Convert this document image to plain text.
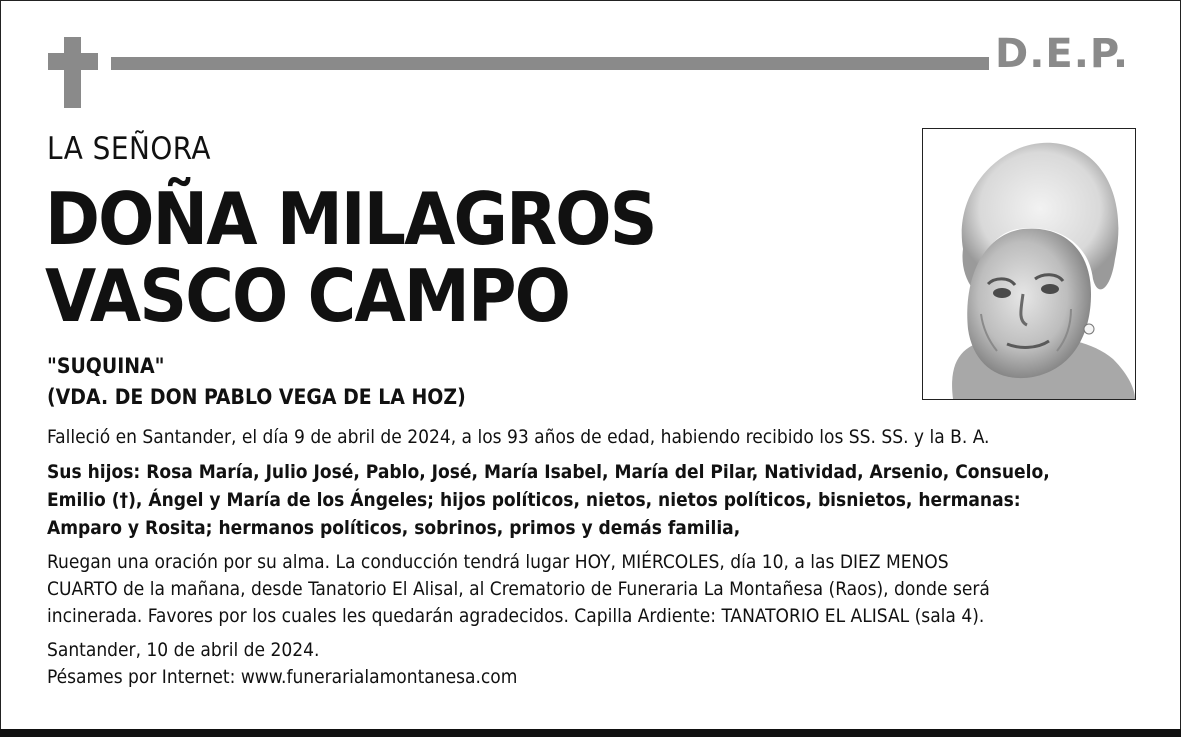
D.E.P.
LA SEÑORA
DOÑA MILAGROS
VASCO CAMPO
"SUQUINA"
(VDA. DE DON PABLO VEGA DE LA HOZ)
Falleció en Santander, el día 9 de abril de 2024, a los 93 años de edad, habiendo recibido los SS. SS. y la B. A.
Sus hijos: Rosa María, Julio José, Pablo, José, María Isabel, María del Pilar, Natividad, Arsenio, Consuelo,
Emilio (†), Ángel y María de los Ángeles; hijos políticos, nietos, nietos políticos, bisnietos, hermanas:
Amparo y Rosita; hermanos políticos, sobrinos, primos y demás familia,
Ruegan una oración por su alma. La conducción tendrá lugar HOY, MIÉRCOLES, día 10, a las DIEZ MENOS
CUARTO de la mañana, desde Tanatorio El Alisal, al Crematorio de Funeraria La Montañesa (Raos), donde será
incinerada. Favores por los cuales les quedarán agradecidos. Capilla Ardiente: TANATORIO EL ALISAL (sala 4).
Santander, 10 de abril de 2024.
Pésames por Internet: www.funerarialamontanesa.com
